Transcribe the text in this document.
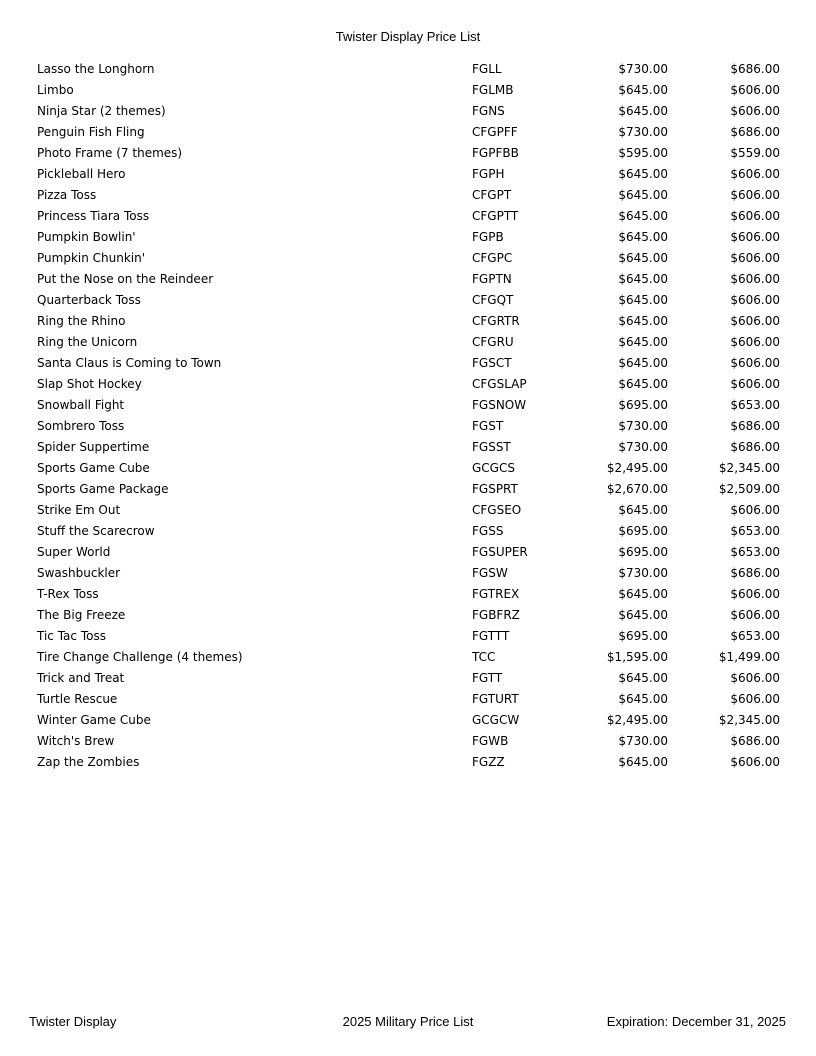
Twister Display Price List
Lasso the Longhorn	FGLL	$730.00	$686.00
Limbo	FGLMB	$645.00	$606.00
Ninja Star (2 themes)	FGNS	$645.00	$606.00
Penguin Fish Fling	CFGPFF	$730.00	$686.00
Photo Frame (7 themes)	FGPFBB	$595.00	$559.00
Pickleball Hero	FGPH	$645.00	$606.00
Pizza Toss	CFGPT	$645.00	$606.00
Princess Tiara Toss	CFGPTT	$645.00	$606.00
Pumpkin Bowlin'	FGPB	$645.00	$606.00
Pumpkin Chunkin'	CFGPC	$645.00	$606.00
Put the Nose on the Reindeer	FGPTN	$645.00	$606.00
Quarterback Toss	CFGQT	$645.00	$606.00
Ring the Rhino	CFGRTR	$645.00	$606.00
Ring the Unicorn	CFGRU	$645.00	$606.00
Santa Claus is Coming to Town	FGSCT	$645.00	$606.00
Slap Shot Hockey	CFGSLAP	$645.00	$606.00
Snowball Fight	FGSNOW	$695.00	$653.00
Sombrero Toss	FGST	$730.00	$686.00
Spider Suppertime	FGSST	$730.00	$686.00
Sports Game Cube	GCGCS	$2,495.00	$2,345.00
Sports Game Package	FGSPRT	$2,670.00	$2,509.00
Strike Em Out	CFGSEO	$645.00	$606.00
Stuff the Scarecrow	FGSS	$695.00	$653.00
Super World	FGSUPER	$695.00	$653.00
Swashbuckler	FGSW	$730.00	$686.00
T-Rex Toss	FGTREX	$645.00	$606.00
The Big Freeze	FGBFRZ	$645.00	$606.00
Tic Tac Toss	FGTTT	$695.00	$653.00
Tire Change Challenge (4 themes)	TCC	$1,595.00	$1,499.00
Trick and Treat	FGTT	$645.00	$606.00
Turtle Rescue	FGTURT	$645.00	$606.00
Winter Game Cube	GCGCW	$2,495.00	$2,345.00
Witch's Brew	FGWB	$730.00	$686.00
Zap the Zombies	FGZZ	$645.00	$606.00
Twister Display	2025 Military Price List	Expiration: December 31, 2025
